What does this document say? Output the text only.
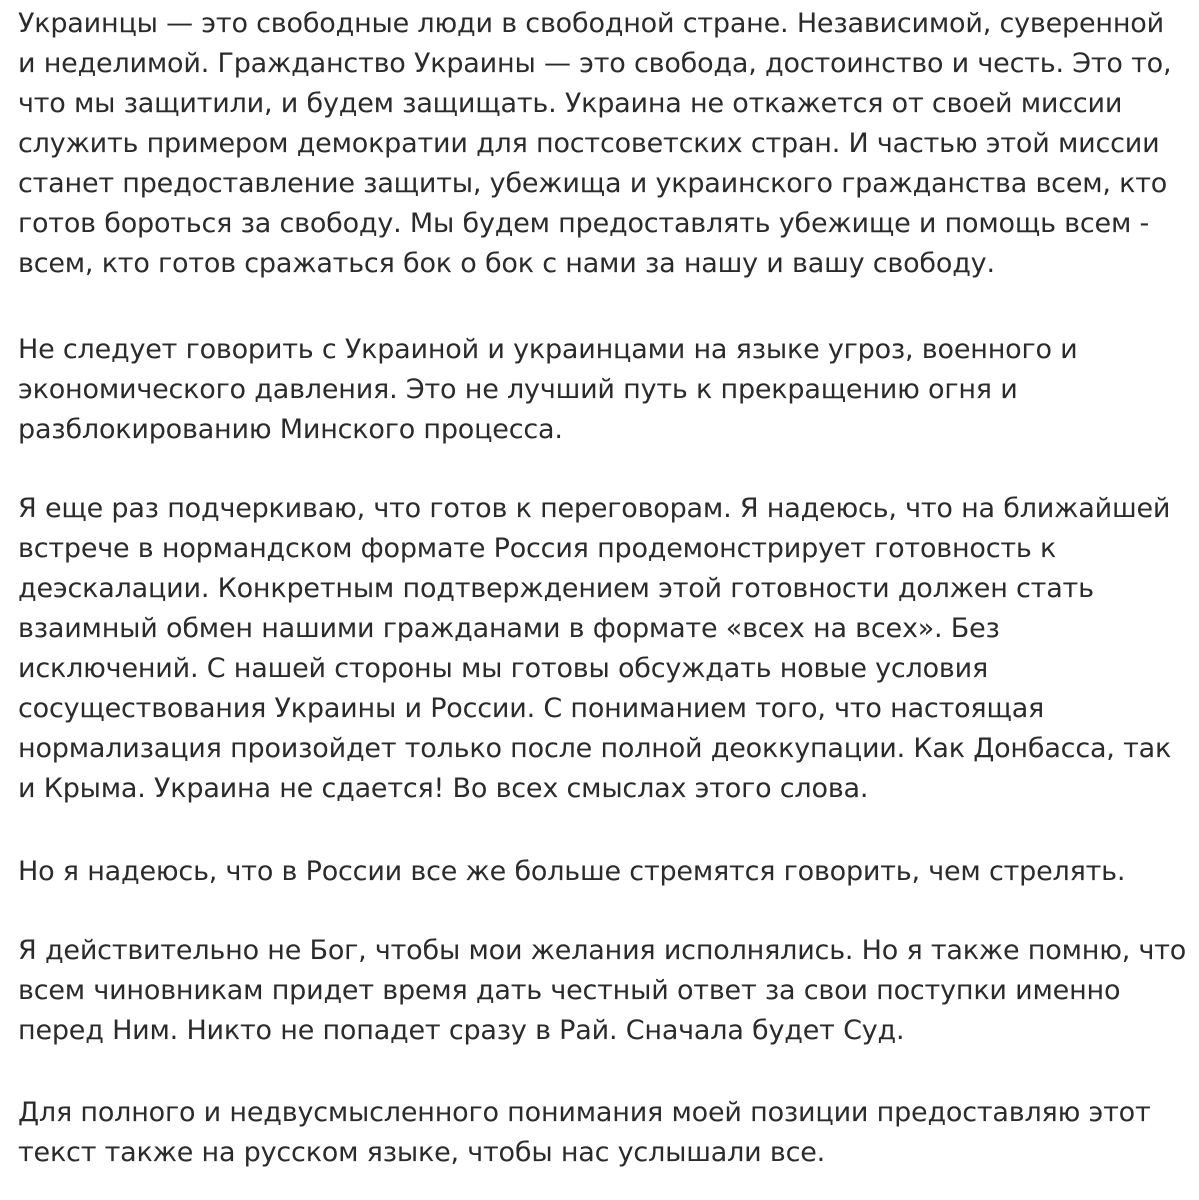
Украинцы — это свободные люди в свободной стране. Независимой, суверенной
и неделимой. Гражданство Украины — это свобода, достоинство и честь. Это то,
что мы защитили, и будем защищать. Украина не откажется от своей миссии
служить примером демократии для постсоветских стран. И частью этой миссии
станет предоставление защиты, убежища и украинского гражданства всем, кто
готов бороться за свободу. Мы будем предоставлять убежище и помощь всем -
всем, кто готов сражаться бок о бок с нами за нашу и вашу свободу.

Не следует говорить с Украиной и украинцами на языке угроз, военного и
экономического давления. Это не лучший путь к прекращению огня и
разблокированию Минского процесса.

Я еще раз подчеркиваю, что готов к переговорам. Я надеюсь, что на ближайшей
встрече в нормандском формате Россия продемонстрирует готовность к
деэскалации. Конкретным подтверждением этой готовности должен стать
взаимный обмен нашими гражданами в формате «всех на всех». Без
исключений. С нашей стороны мы готовы обсуждать новые условия
сосуществования Украины и России. С пониманием того, что настоящая
нормализация произойдет только после полной деоккупации. Как Донбасса, так
и Крыма. Украина не сдается! Во всех смыслах этого слова.

Но я надеюсь, что в России все же больше стремятся говорить, чем стрелять.

Я действительно не Бог, чтобы мои желания исполнялись. Но я также помню, что
всем чиновникам придет время дать честный ответ за свои поступки именно
перед Ним. Никто не попадет сразу в Рай. Сначала будет Суд.

Для полного и недвусмысленного понимания моей позиции предоставляю этот
текст также на русском языке, чтобы нас услышали все.
